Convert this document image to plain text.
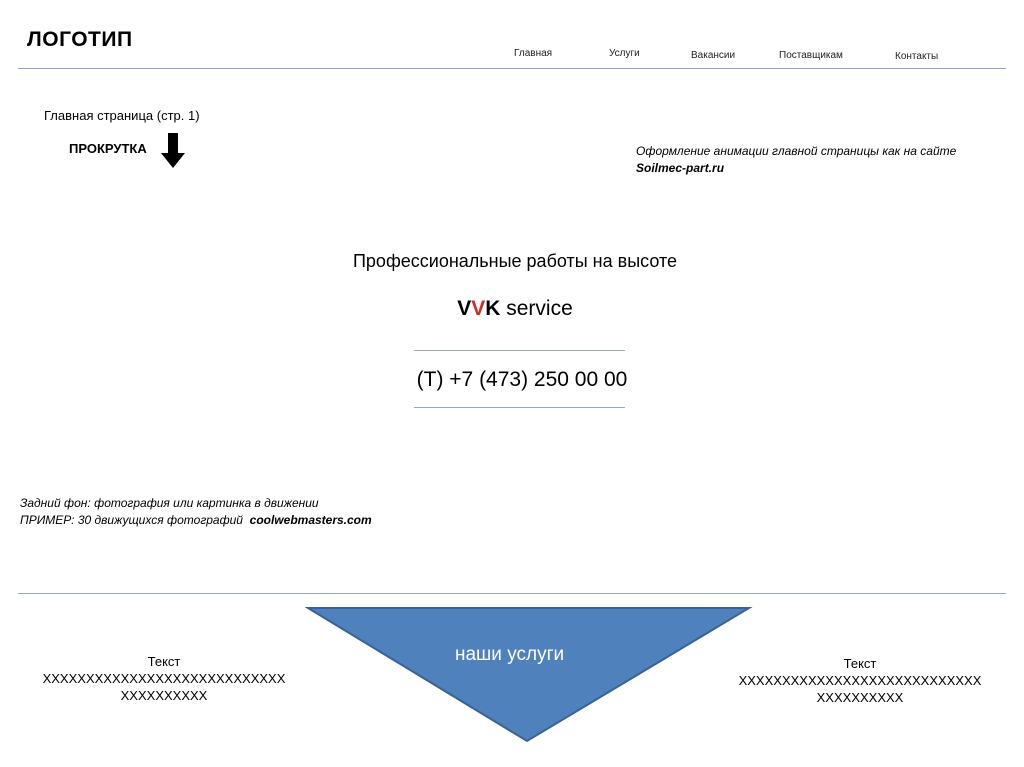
ЛОГОТИП
Главная	Услуги	Вакансии	Поставщикам	Контакты
Главная страница (стр. 1)
ПРОКРУТКА	Оформление анимации главной страницы как на сайте
Soilmec-part.ru
Профессиональные работы на высоте
VVK service
(Т) +7 (473) 250 00 00
Задний фон: фотография или картинка в движении
ПРИМЕР: 30 движущихся фотографий  coolwebmasters.com
наши услуги
Текст
XXXXXXXXXXXXXXXXXXXXXXXXXXXX
XXXXXXXXXX
Текст
XXXXXXXXXXXXXXXXXXXXXXXXXXXX
XXXXXXXXXX
